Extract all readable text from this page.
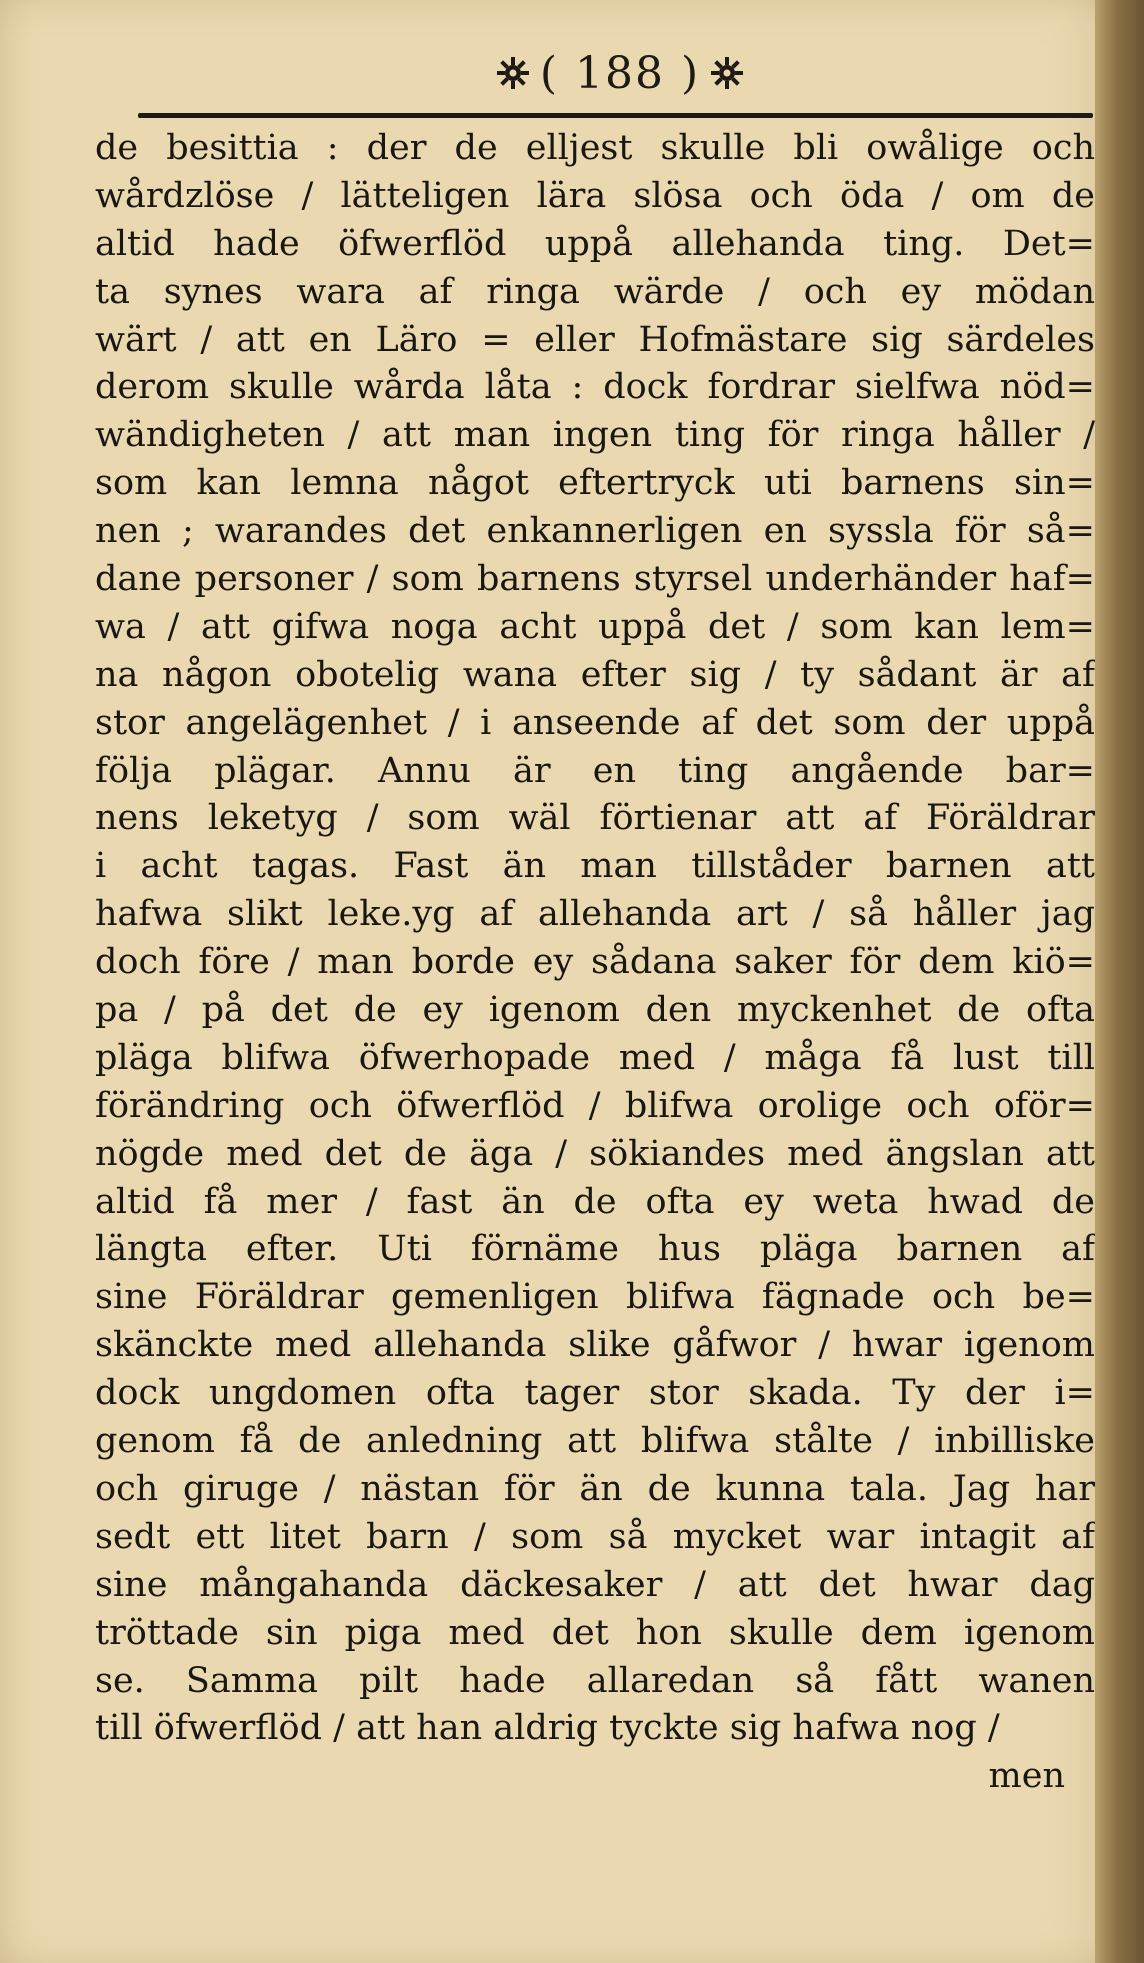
( 188 )
de besittia : der de elljest skulle bli owålige och
wårdzlöse / lätteligen lära slösa och öda / om de
altid hade öfwerflöd uppå allehanda ting. Det=
ta synes wara af ringa wärde / och ey mödan
wärt / att en Läro = eller Hofmästare sig särdeles
derom skulle wårda låta : dock fordrar sielfwa nöd=
wändigheten / att man ingen ting för ringa håller /
som kan lemna något eftertryck uti barnens sin=
nen ; warandes det enkannerligen en syssla för så=
dane personer / som barnens styrsel underhänder haf=
wa / att gifwa noga acht uppå det / som kan lem=
na någon obotelig wana efter sig / ty sådant är af
stor angelägenhet / i anseende af det som der uppå
följa plägar. Annu är en ting angående bar=
nens leketyg / som wäl förtienar att af Föräldrar
i acht tagas. Fast än man tillståder barnen att
hafwa slikt leke.yg af allehanda art / så håller jag
doch före / man borde ey sådana saker för dem kiö=
pa / på det de ey igenom den myckenhet de ofta
pläga blifwa öfwerhopade med / måga få lust till
förändring och öfwerflöd / blifwa orolige och oför=
nögde med det de äga / sökiandes med ängslan att
altid få mer / fast än de ofta ey weta hwad de
längta efter. Uti förnäme hus pläga barnen af
sine Föräldrar gemenligen blifwa fägnade och be=
skänckte med allehanda slike gåfwor / hwar igenom
dock ungdomen ofta tager stor skada. Ty der i=
genom få de anledning att blifwa stålte / inbilliske
och giruge / nästan för än de kunna tala. Jag har
sedt ett litet barn / som så mycket war intagit af
sine mångahanda däckesaker / att det hwar dag
tröttade sin piga med det hon skulle dem igenom
se. Samma pilt hade allaredan så fått wanen
till öfwerflöd / att han aldrig tyckte sig hafwa nog /
men
